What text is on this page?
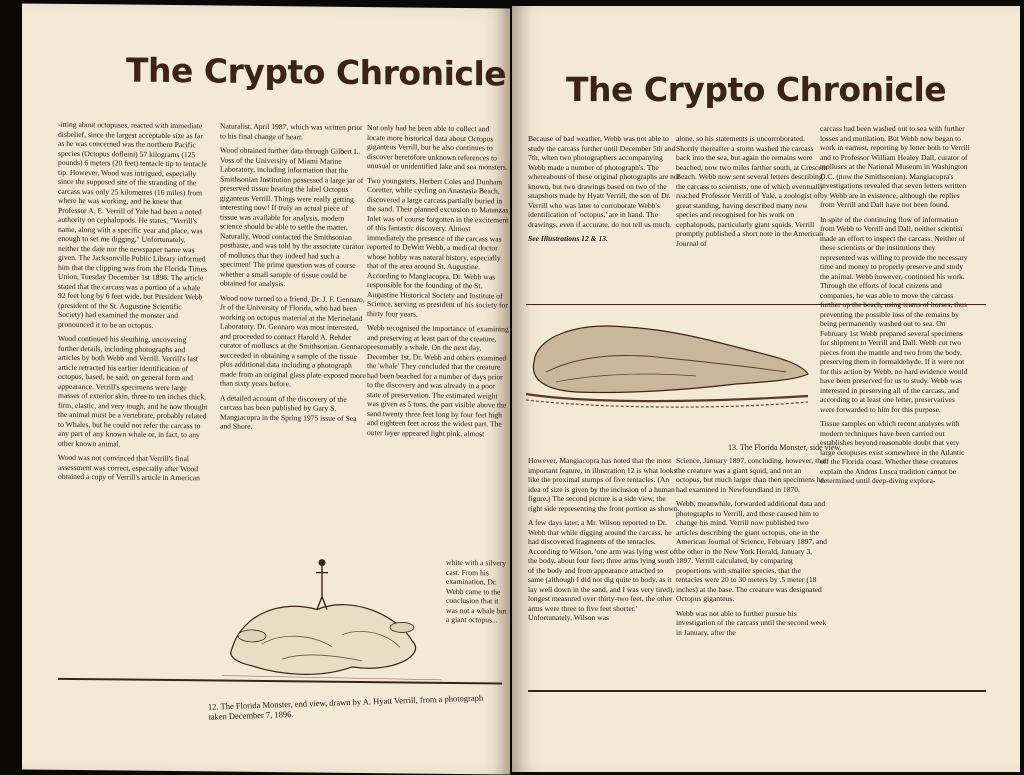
The Crypto Chronicle

-itting about octopuses, reacted with immediate disbelief, since the largest acceptable size as far as he was concerned was the northern Pacific species (Octopus dofleini) 57 kilograms (125 pounds) 6 meters (20 feet) tentacle tip to tentacle tip. However, Wood was intrigued, especially since the supposed site of the stranding of the carcass was only 25 kilometres (16 miles) from where he was working, and he knew that Professor A. E. Verrill of Yale had been a noted authority on cephalopods. He states, "Verrill's name, along with a specific year and place, was enough to set me digging." Unfortunately, neither the date nor the newspaper name was given. The Jacksonville Public Library informed him that the clipping was from the Florida Times Union, Tuesday December 1st 1896. The article stated that the carcass was a portion of a whale 92 feet long by 6 feet wide, but President Webb (president of the St. Augustine Scientific Society) had examined the monster and pronounced it to be an octopus.

Wood continued his sleuthing, uncovering further details, including photographs and articles by both Webb and Verrill. Verrill's last article retracted his earlier identification of octopus, based, he said, on general form and appearance. Verrill's specimens were large masses of exterior skin, three to ten inches thick, firm, elastic, and very tough, and he now thought the animal must be a vertebrate, probably related to Whales, but he could not refer the carcass to any part of any known whale or, in fact, to any other known animal.

Wood was not convinced that Verrill's final assessment was correct, especially after Wood obtained a copy of Verrill's article in American

Naturalist, April 1987, which was written prior to his final change of heart.

Wood obtained further data through Gilbert L. Voss of the University of Miami Marine Laboratory, including information that the Smithsonian Institution possessed a large jar of preserved tissue bearing the label Octopus giganteus Verrill. Things were really getting interesting now! If truly an actual piece of tissue was available for analysis, modern science should be able to settle the matter. Naturally, Wood contacted the Smithsonian posthaste, and was told by the associate curator of molluscs that they indeed had such a specimen! The prime question was of course whether a small sample of tissue could be obtained for analysis.

Wood now turned to a friend, Dr. J. F. Gennaro, Jr of the University of Florida, who had been working on octopus material at the Merineland Laboratory. Dr. Gennaro was most interested, and proceeded to contact Harold A. Rehder curator of molluscs at the Smithsonian. Gennaro succeeded in obtaining a sample of the tissue plus additional data including a photograph made from an original glass plate exposed more than sixty years before.

A detailed account of the discovery of the carcass has been published by Gary S. Mangiacopra in the Spring 1975 issue of Sea and Shore.

Not only had he been able to collect and locate more historical data about Octopus giganteus Verrill, but he also continues to discover heretofore unknown references to unusual or unidentified lake and sea monsters.

Two youngsters, Herbert Coles and Dunham Coretter, while cycling on Anastasia Beach, discovered a large carcass partially buried in the sand. Their planned excursion to Matanzas Inlet was of course forgotten in the excitement of this fantastic discovery. Almost immediately the presence of the carcass was reported to DeWitt Webb, a medical doctor whose hobby was natural history, especially that of the area around St. Augustine. According to Mangiacopra, Dr. Webb was responsible for the founding of the St. Augustine Historical Society and Institute of Science, serving as president of his society for thirty four years.

Webb recognised the importance of examining and preserving at least part of the creature, presumably a whale. On the next day, December 1st, Dr. Webb and others examined the 'whale' They concluded that the creature had been beached for a number of days prior to the discovery and was already in a poor state of preservation. The estimated weight was given as 5 tons, the part visible above the sand twenty three feet long by four feet high and eighteen feet across the widest part. The outer layer appeared light pink, almost

white with a silvery cast. From his examination, Dr. Webb came to the conclusion that it was not a whale but a giant octopus...

12. The Florida Monster, end view, drawn by A. Hyatt Verrill, from a photograph taken December 7, 1896.
The Crypto Chronicle

Because of bad weather, Webb was not able to study the carcass further until December 5th and 7th, when two photographers accompanying Webb made a number of photograph's. The whereabouts of these original photographs are not known, but two drawings based on two of the snapshots made by Hyatt Verrill, the son of Dr. Verrill who was later to corroborate Webb's identification of 'octopus,' are in hand. The drawings, even if accurate, do not tell us much.

See Illustrations 12 & 13.

alone, so his statements is uncorroborated. Shortly thereafter a storm washed the carcass back into the sea, but again the remains were beached, now two miles farther south, at Crescent Beach. Webb now sent several letters describing the carcass to scientists, one of which eventually reached Professor Verrill of Yale, a zoologist of great standing, having described many new species and recognised for his work on cephalopods, particularly giant squids. Verrill promptly published a short note in the American Journal of

carcass had been washed out to sea with further losses and mutilation. But Webb now began to work in earnest, reporting by letter both to Verrill and to Professor William Healey Dall, curator of molluscs at the National Museum in Washington D.C. (now the Smithsonian). Mangiacopra's investigations revealed that seven letters written by Webb are in existence, although the replies from Verrill and Dall have not been found.

In spite of the continuing flow of information from Webb to Verrill and Dall, neither scientist made an effort to inspect the carcass. Neither of these scientists or the institutions they represented was willing to provide the necessary time and money to properly preserve and study the animal. Webb however, continued his work. Through the efforts of local citizens and companies, he was able to move the carcass preventing the possible loss of the remains by being permanently washed out to sea. On February 1st Webb prepared several specimens for shipment to Verrill and Dall. Webb cut two pieces from the mantle and two from the body, preserving them in formaldehyde. If it were not for this action by Webb, no hard evidence would have been preserved for us to study. Webb was interested in preserving all of the carcass, and according to at least one letter, preservatives were forwarded to him for this purpose.

Tissue samples on which recent analyses with modern techniques have been carried out establishes beyond reasonable doubt that very large octopuses exist somewhere in the Atlantic off the Florida coast. Whether these creatures explain the Andros Lusca tradition cannot be determined until deep-diving explora-

13. The Florida Monster, side view.

However, Mangiacopra has noted that the most important feature, in illustration 12 is what looks like the proximal stumps of five tentacles. (An idea of size is given by the inclusion of a human figure.) The second picture is a side view, the right side representing the front portion as shown.

A few days later, a Mr. Wilson reported to Dr. Webb that while digging around the carcass, he had discovered fragments of the tentacles. According to Wilson, 'one arm was lying west of the body, about four feet; three arms lying south of the body and from appearance attached to same (although I did not dig quite to body, as it lay well down in the sand, and I was very tired), longest measured over thirty-two feet, the other arms were three to five feet shorter.' Unfortunately, Wilson was

Science, January 1897, concluding, however, that the creature was a giant squid, and not an octopus, but much larger than then specimens he had examined in Newfoundland in 1870.

Webb, meanwhile, forwarded additional data and photographs to Verrill, and these caused him to change his mind. Verrill now published two articles describing the giant octopus, one in the American Journal of Science, February 1897, and the other in the New York Herald, January 3, 1897. Verrill calculated, by comparing proportions with smaller species, that the tentacles were 20 to 30 meters by .5 meter (18 inches) at the base. The creature was designated Octopus giganteus.

Webb was not able to further pursue his investigation of the carcass until the second week in January, after the
